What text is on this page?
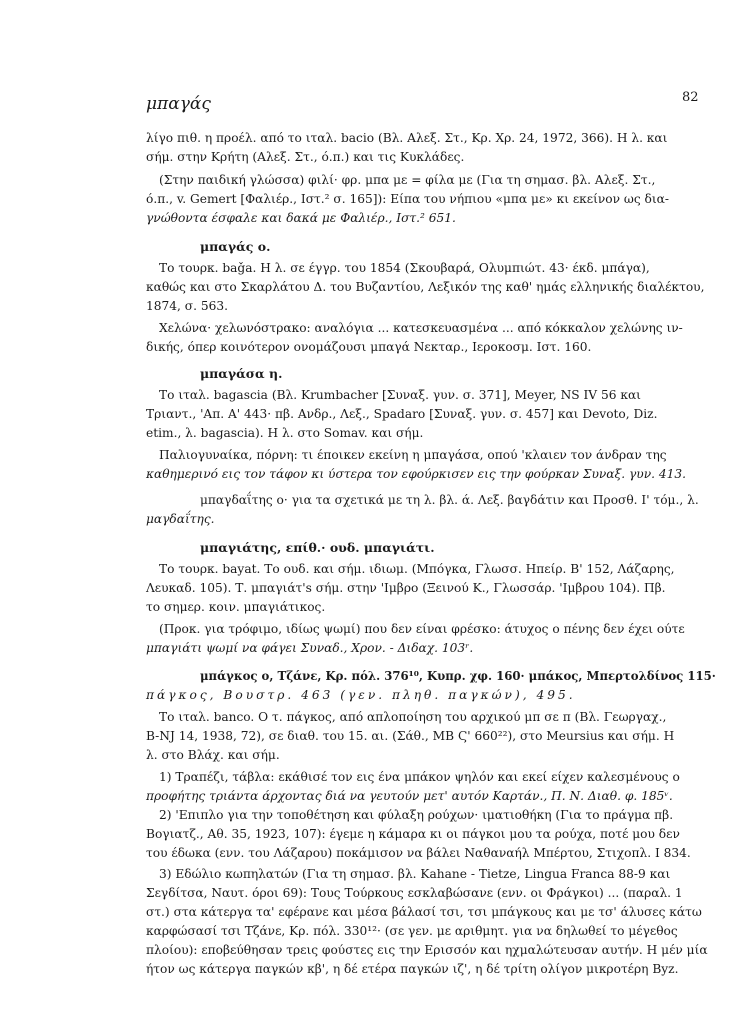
μπαγάς	82
λίγο πιθ. η προέλ. από το ιταλ. bacio (Βλ. Αλεξ. Στ., Κρ. Χρ. 24, 1972, 366). Η λ. και
σήμ. στην Κρήτη (Αλεξ. Στ., ό.π.) και τις Κυκλάδες.
(Στην παιδική γλώσσα) φιλί· φρ. μπα με = φίλα με (Για τη σημασ. βλ. Αλεξ. Στ.,
ό.π., v. Gemert [Φαλιέρ., Ιστ.² σ. 165]): Είπα του νήπιου «μπα με» κι εκείνον ως δια-
γνώθοντα έσφαλε και δακά με Φαλιέρ., Ιστ.² 651.
μπαγάς ο.
Το τουρκ. baǧa. Η λ. σε έγγρ. του 1854 (Σκουβαρά, Ολυμπιώτ. 43· έκδ. μπάγα),
καθώς και στο Σκαρλάτου Δ. του Βυζαντίου, Λεξικόν της καθ' ημάς ελληνικής διαλέκτου,
1874, σ. 563.
Χελώνα· χελωνόστρακο: αναλόγια ... κατεσκευασμένα ... από κόκκαλον χελώνης ιν-
δικής, όπερ κοινότερον ονομάζουσι μπαγά Νεκταρ., Ιεροκοσμ. Ιστ. 160.
μπαγάσα η.
Το ιταλ. bagascia (Βλ. Krumbacher [Συναξ. γυν. σ. 371], Meyer, NS IV 56 και
Τριαντ., 'Απ. Α' 443· πβ. Ανδρ., Λεξ., Spadaro [Συναξ. γυν. σ. 457] και Devoto, Diz.
etim., λ. bagascia). Η λ. στο Somav. και σήμ.
Παλιογυναίκα, πόρνη: τι έποικεν εκείνη η μπαγάσα, οπού 'κλαιεν τον άνδραν της
καθημερινό εις τον τάφον κι ύστερα τον εφούρκισεν εις την φούρκαν Συναξ. γυν. 413.
μπαγδαΐτης ο· για τα σχετικά με τη λ. βλ. ά. Λεξ. βαγδάτιν και Προσθ. Ι' τόμ., λ.
μαγδαΐτης.
μπαγιάτης, επίθ.· ουδ. μπαγιάτι.
Το τουρκ. bayat. Το ουδ. και σήμ. ιδιωμ. (Μπόγκα, Γλωσσ. Ηπείρ. Β' 152, Λάζαρης,
Λευκαδ. 105). Τ. μπαγιάτ's σήμ. στην 'Ιμβρο (Ξεινού Κ., Γλωσσάρ. 'Ιμβρου 104). Πβ.
το σημερ. κοιν. μπαγιάτικος.
(Προκ. για τρόφιμο, ιδίως ψωμί) που δεν είναι φρέσκο: άτυχος ο πένης δεν έχει ούτε
μπαγιάτι ψωμί να φάγει Συναδ., Χρον. - Διδαχ. 103ʳ.
μπάγκος ο, Τζάνε, Κρ. πόλ. 376¹⁰, Κυπρ. χφ. 160· μπάκος, Μπερτολδίνος 115·
πάγκος, Βουστρ. 463 (γεν. πληθ. παγκών), 495.
Το ιταλ. banco. Ο τ. πάγκος, από απλοποίηση του αρχικού μπ σε π (Βλ. Γεωργαχ.,
B-NJ 14, 1938, 72), σε διαθ. του 15. αι. (Σάθ., ΜΒ Ϛ' 660²²), στο Meursius και σήμ. Η
λ. στο Βλάχ. και σήμ.
1) Τραπέζι, τάβλα: εκάθισέ τον εις ένα μπάκον ψηλόν και εκεί είχεν καλεσμένους ο
προφήτης τριάντα άρχοντας διά να γευτούν μετ' αυτόν Καρτάν., Π. Ν. Διαθ. φ. 185ᵛ.
2) 'Επιπλο για την τοποθέτηση και φύλαξη ρούχων· ιματιοθήκη (Για το πράγμα πβ.
Βογιατζ., Αθ. 35, 1923, 107): έγεμε η κάμαρα κι οι πάγκοι μου τα ρούχα, ποτέ μου δεν
του έδωκα (ενν. του Λάζαρου) ποκάμισον να βάλει Ναθαναήλ Μπέρτου, Στιχοπλ. Ι 834.
3) Εδώλιο κωπηλατών (Για τη σημασ. βλ. Kahane - Tietze, Lingua Franca 88-9 και
Σεγδίτσα, Ναυτ. όροι 69): Τους Τούρκους εσκλαβώσανε (ενν. οι Φράγκοι) ... (παραλ. 1
στ.) στα κάτεργα τα' εφέρανε και μέσα βάλασί τσι, τσι μπάγκους και με τσ' άλυσες κάτω
καρφώσασί τσι Τζάνε, Κρ. πόλ. 330¹²· (σε γεν. με αριθμητ. για να δηλωθεί το μέγεθος
πλοίου): εποβεύθησαν τρεις φούστες εις την Ερισσόν και ηχμαλώτευσαν αυτήν. Η μέν μία
ήτον ως κάτεργα παγκών κβ', η δέ ετέρα παγκών ιζ', η δέ τρίτη ολίγον μικροτέρη Byz.
